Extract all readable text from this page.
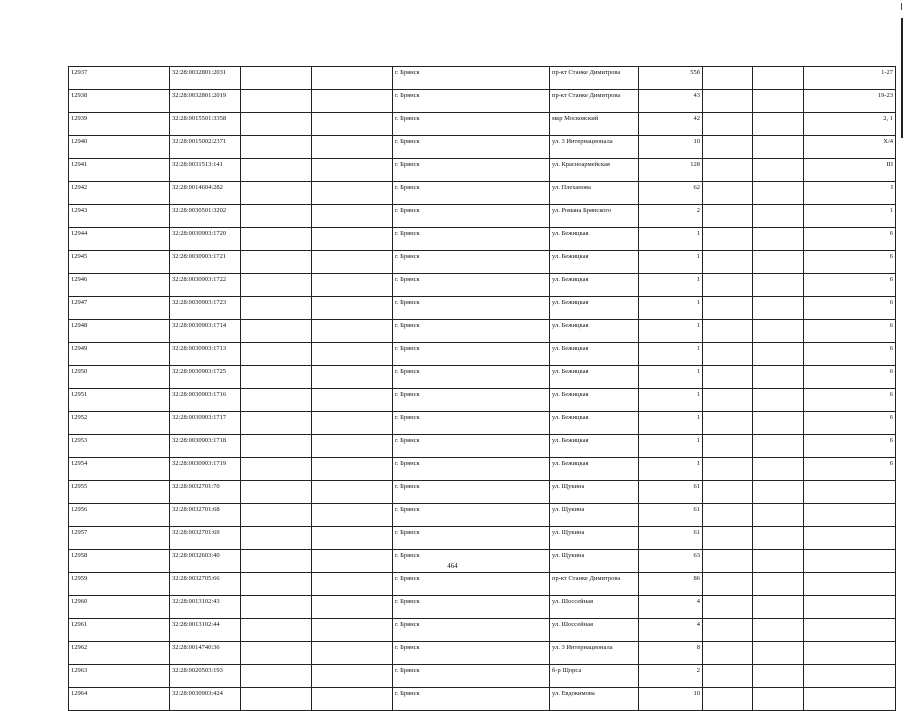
12937	32:28:0032801:2031			г. Брянск	пр-кт Станке Димитрова	55б			1-27
12938	32:28:0032801:2019			г. Брянск	пр-кт Станке Димитрова	43			19-23
12939	32:28:0015501:3358			г. Брянск	мкр Московский	42			2, 1
12940	32:28:0015002:2371			г. Брянск	ул. 3 Интернационала	10			Х/4
12941	32:28:0031513:141			г. Брянск	ул. Красноармейская	128			III
12942	32:28:0014604:282			г. Брянск	ул. Плеханова	62			I
12943	32:28:0030501:3202			г. Брянск	ул. Романа Брянского	2			1
12944	32:28:0030903:1720			г. Брянск	ул. Бежицкая	1			6
12945	32:28:0030903:1721			г. Брянск	ул. Бежицкая	1			6
12946	32:28:0030903:1722			г. Брянск	ул. Бежицкая	1			6
12947	32:28:0030903:1723			г. Брянск	ул. Бежицкая	1			6
12948	32:28:0030903:1714			г. Брянск	ул. Бежицкая	1			6
12949	32:28:0030903:1713			г. Брянск	ул. Бежицкая	1			6
12950	32:28:0030903:1725			г. Брянск	ул. Бежицкая	1			6
12951	32:28:0030903:1716			г. Брянск	ул. Бежицкая	1			6
12952	32:28:0030903:1717			г. Брянск	ул. Бежицкая	1			6
12953	32:28:0030903:1718			г. Брянск	ул. Бежицкая	1			6
12954	32:28:0030903:1719			г. Брянск	ул. Бежицкая	1			6
12955	32:28:0032701:70			г. Брянск	ул. Щукина	61			
12956	32:28:0032701:68			г. Брянск	ул. Щукина	61			
12957	32:28:0032701:69			г. Брянск	ул. Щукина	61			
12958	32:28:0032603:40			г. Брянск	ул. Щукина	63			
12959	32:28:0032705:66			г. Брянск	пр-кт Станке Димитрова	86			
12960	32:28:0013102:43			г. Брянск	ул. Шоссейная	4			
12961	32:28:0013102:44			г. Брянск	ул. Шоссейная	4			
12962	32:28:0014740:36			г. Брянск	ул. 3 Интернационала	8			
12963	32:28:0020503:193			г. Брянск	б-р Щорса	2			
12964	32:28:0030903:424			г. Брянск	ул. Евдокимова	10			
464
